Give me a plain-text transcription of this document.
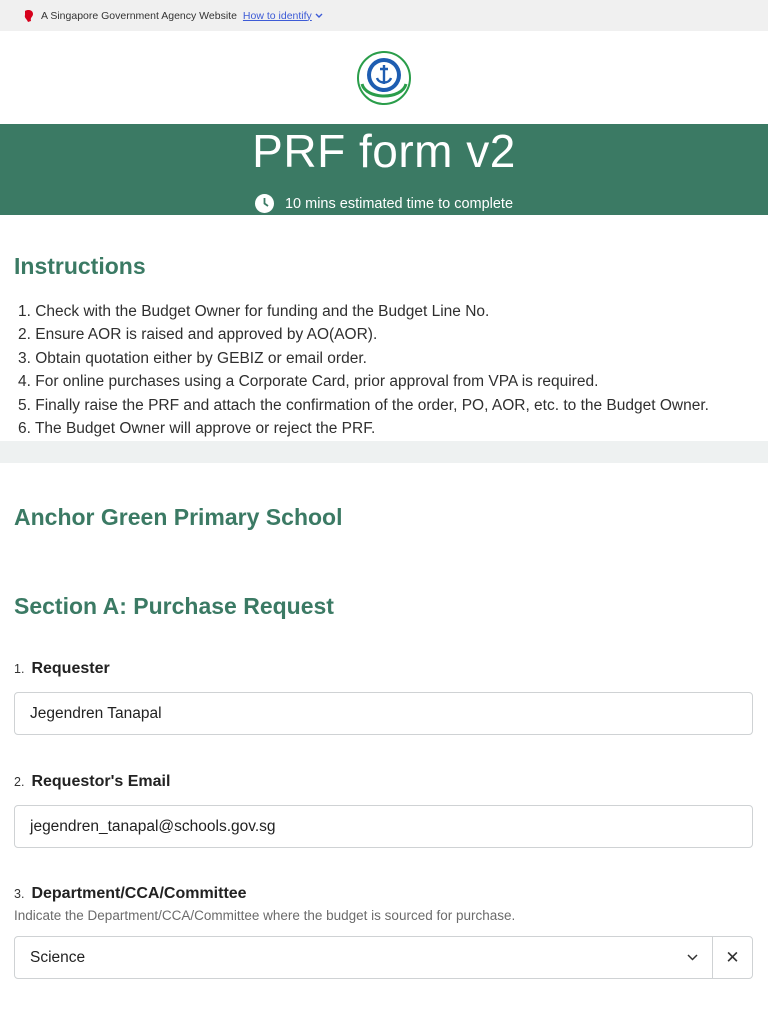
A Singapore Government Agency Website How to identify
PRF form v2
10 mins estimated time to complete
Instructions
1. Check with the Budget Owner for funding and the Budget Line No.
2. Ensure AOR is raised and approved by AO(AOR).
3. Obtain quotation either by GEBIZ or email order.
4. For online purchases using a Corporate Card, prior approval from VPA is required.
5. Finally raise the PRF and attach the confirmation of the order, PO, AOR, etc. to the Budget Owner.
6. The Budget Owner will approve or reject the PRF.
Anchor Green Primary School
Section A: Purchase Request
1. Requester
Jegendren Tanapal
2. Requestor's Email
jegendren_tanapal@schools.gov.sg
3. Department/CCA/Committee
Indicate the Department/CCA/Committee where the budget is sourced for purchase.
Science	✕
